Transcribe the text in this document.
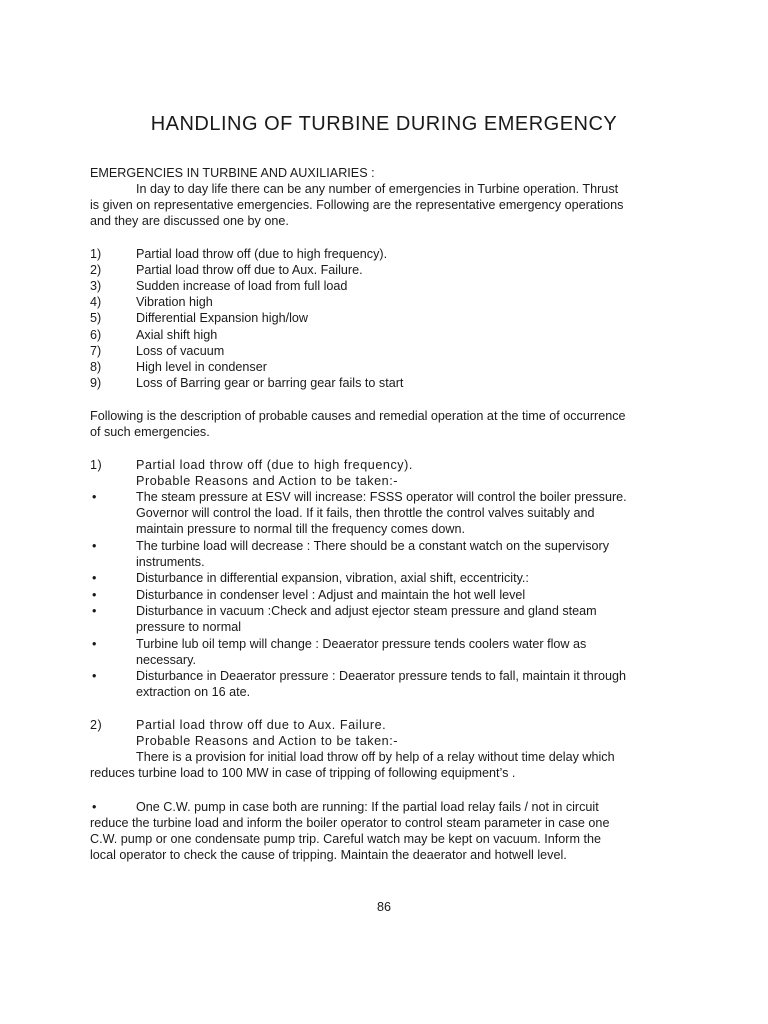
HANDLING OF TURBINE DURING EMERGENCY
EMERGENCIES IN TURBINE AND AUXILIARIES :
In day to day life there can be any number of emergencies in Turbine operation. Thrust
is given on representative emergencies. Following are the representative emergency operations
and they are discussed one by one.
1)	Partial load throw off (due to high frequency).
2)	Partial load throw off due to Aux. Failure.
3)	Sudden increase of load from full load
4)	Vibration high
5)	Differential Expansion high/low
6)	Axial shift high
7)	Loss of vacuum
8)	High level in condenser
9)	Loss of Barring gear or barring gear fails to start
Following is the description of probable causes and remedial operation at the time of occurrence
of such emergencies.
1)	Partial load throw off (due to high frequency).
Probable Reasons and Action to be taken:-
•	The steam pressure at ESV will increase: FSSS operator will control the boiler pressure.
Governor will control the load. If it fails, then throttle the control valves suitably and
maintain pressure to normal till the frequency comes down.
•	The turbine load will decrease : There should be a constant watch on the supervisory
instruments.
•	Disturbance in differential expansion, vibration, axial shift, eccentricity.:
•	Disturbance in condenser level : Adjust and maintain the hot well level
•	Disturbance in vacuum :Check and adjust ejector steam pressure and gland steam
pressure to normal
•	Turbine lub oil temp will change : Deaerator pressure tends coolers water flow as
necessary.
•	Disturbance in Deaerator pressure : Deaerator pressure tends to fall, maintain it through
extraction on 16 ate.
2)	Partial load throw off due to Aux. Failure.
Probable Reasons and Action to be taken:-
There is a provision for initial load throw off by help of a relay without time delay which
reduces turbine load to 100 MW in case of tripping of following equipment’s .
•	One C.W. pump in case both are running: If the partial load relay fails / not in circuit
reduce the turbine load and inform the boiler operator to control steam parameter in case one
C.W. pump or one condensate pump trip. Careful watch may be kept on vacuum. Inform the
local operator to check the cause of tripping. Maintain the deaerator and hotwell level.
86
